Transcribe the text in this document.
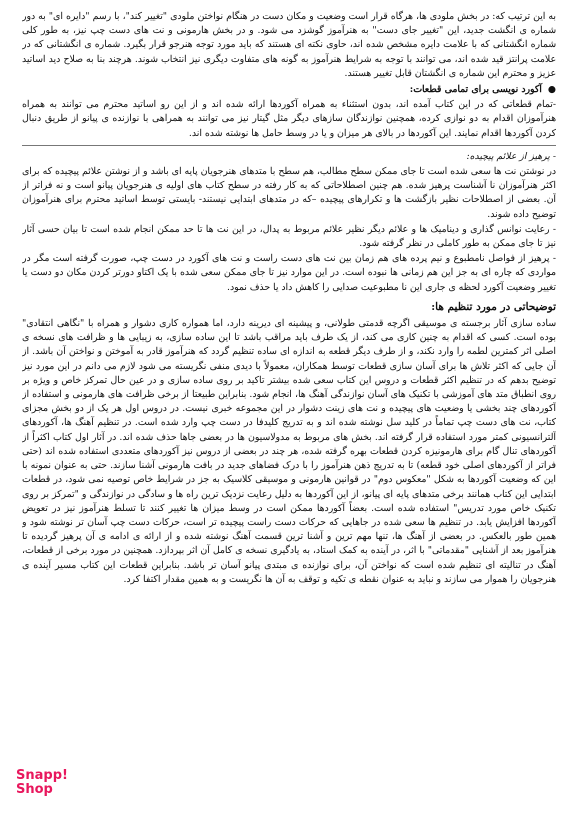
به این ترتیب که: در بخش ملودی ها، هرگاه قرار است وضعیت و مکان دست در هنگام نواختن ملودی "تغییر کند"، با رسم "دایره ای" به دور شماره ی انگشت جدید، این "تغییر جای دست" به هنرآموز گوشزد می شود. و در بخش هارمونی و نت های دست چپ نیز، به طور کلی شماره انگشتانی که با علامت دایره مشخص شده اند، حاوی نکته ای هستند که باید مورد توجه هنرجو قرار بگیرد. شماره ی انگشتانی که در علامت پرانتز قید شده اند، می توانند با توجه به شرایط هنرآموز به گونه های متفاوت دیگری نیز انتخاب شوند. هرچند بنا به صلاح دید اساتید عزیز و محترم این شماره ی انگشتان قابل تغییر هستند.

●آکورد نویسی برای تمامی قطعات:

-تمام قطعاتی که در این کتاب آمده اند، بدون استثناء به همراه آکوردها ارائه شده اند و از این رو اساتید محترم می توانند به همراه هنرآموزان اقدام به دو نوازی کرده، همچنین نوازندگان سازهای دیگر مثل گیتار نیز می توانند به همراهی با نوازنده ی پیانو از طریق دنبال کردن آکوردها اقدام نمایند. این آکوردها در بالای هر میزان و یا در وسط حامل ها نوشته شده اند.

- پرهیز از علائم پیچیده:

در نوشتن نت ها سعی شده است تا جای ممکن سطح مطالب، هم سطح با متدهای هنرجویان پایه ای باشد و از نوشتن علائم پیچیده که برای اکثر هنرآموزان نا آشناست پرهیز شده. هم چنین اصطلاحاتی که به کار رفته در سطح کتاب های اولیه ی هنرجویان پیانو است و نه فراتر از آن. بعضی از اصطلاحات نظیر بازگشت ها و تکرارهای پیچیده –که در متدهای ابتدایی نیستند- بایستی توسط اساتید محترم برای هنرآموزان توضیح داده شوند.

- رعایت نوانس گذاری و دینامیک ها و علائم دیگر نظیر علائم مربوط به پدال، در این نت ها تا حد ممکن انجام شده است تا بیان حسی آثار نیز تا جای ممکن به طور کاملی در نظر گرفته شود.

- پرهیز از فواصل نامطبوع و نیم پرده های هم زمان بین نت های دست راست و نت های آکورد در دست چپ، صورت گرفته است مگر در مواردی که چاره ای به جز این هم زمانی ها نبوده است. در این موارد نیز تا جای ممکن سعی شده با یک اکتاو دورتر کردن مکان دو دست یا تغییر وضعیت آکورد لحظه ی جاری این نا مطبوعیت صدایی را کاهش داد یا حذف نمود.

توضیحاتی در مورد تنظیم ها:

ساده سازی آثار برجسته ی موسیقی اگرچه قدمتی طولانی، و پیشینه ای دیرینه دارد، اما همواره کاری دشوار و همراه با "نگاهی انتقادی" بوده است. کسی که اقدام به چنین کاری می کند، از یک طرف باید مراقب باشد تا این ساده سازی، به زیبایی ها و ظرافت های نسخه ی اصلی اثر کمترین لطمه را وارد نکند، و از طرف دیگر قطعه به اندازه ای ساده تنظیم گردد که هنرآموز قادر به آموختن و نواختن آن باشد. از آن جایی که اکثر تلاش ها برای آسان سازی قطعات توسط همکاران، معمولاً با دیدی منفی نگریسته می شود لازم می دانم در این مورد نیز توضیح بدهم که در تنظیم اکثر قطعات و دروس این کتاب سعی شده بیشتر تاکید بر روی ساده سازی و در عین حال تمرکز خاص و ویژه بر روی انطباق متد های آموزشی با تکنیک های آسان نوازندگی آهنگ ها، انجام شود. بنابراین طبیعتا از برخی ظرافت های هارمونی و استفاده از آکوردهای چند بخشی یا وضعیت های پیچیده و نت های زینت دشوار در این مجموعه خبری نیست. در دروس اول هر یک از دو بخش مجزای کتاب، نت های دست چپ تماماً در کلید سل نوشته شده اند و به تدریج کلیدفا در دست چپ وارد شده است. در تنظیم آهنگ ها، آکوردهای آلترانسیونی کمتر مورد استفاده قرار گرفته اند. بخش های مربوط به مدولاسیون ها در بعضی جاها حذف شده اند. در آثار اول کتاب اکثراً از آکوردهای تنال گام برای هارمونیزه کردن قطعات بهره گرفته شده، هر چند در بعضی از دروس نیز آکوردهای متعددی استفاده شده اند (حتی فراتر از آکوردهای اصلی خود قطعه) تا به تدریج ذهن هنرآموز را با درک فضاهای جدید در بافت هارمونی آشنا سازند. حتی به عنوان نمونه با این که وضعیت آکوردها به شکل "معکوس دوم" در قوانین هارمونی و موسیقی کلاسیک به جز در شرایط خاص توصیه نمی شود، در قطعات ابتدایی این کتاب همانند برخی متدهای پایه ای پیانو، از این آکوردها به دلیل رعایت نزدیک ترین راه ها و سادگی در نوازندگی و "تمرکز بر روی تکنیک خاص مورد تدریس" استفاده شده است. بعضاً آکوردها ممکن است در وسط میزان ها تغییر کنند تا تسلط هنرآموز نیز در تعویض آکوردها افزایش یابد. در تنظیم ها سعی شده در جاهایی که حرکات دست راست پیچیده تر است، حرکات دست چپ آسان تر نوشته شود و همین طور بالعکس. در بعضی از آهنگ ها، تنها مهم ترین و آشنا ترین قسمت آهنگ نوشته شده و از ارائه ی ادامه ی آن پرهیز گردیده تا هنرآموز بعد از آشنایی "مقدماتی" با اثر، در آینده به کمک استاد، به یادگیری نسخه ی کامل آن اثر بپردازد. همچنین در مورد برخی از قطعات، آهنگ در تنالیته ای تنظیم شده است که نواختن آن، برای نوازنده ی مبتدی پیانو آسان تر باشد. بنابراین قطعات این کتاب مسیر آینده ی هنرجویان را هموار می سازند و نباید به عنوان نقطه ی تکیه و توقف به آن ها نگریست و به همین مقدار اکتفا کرد.

Snapp!
Shop
